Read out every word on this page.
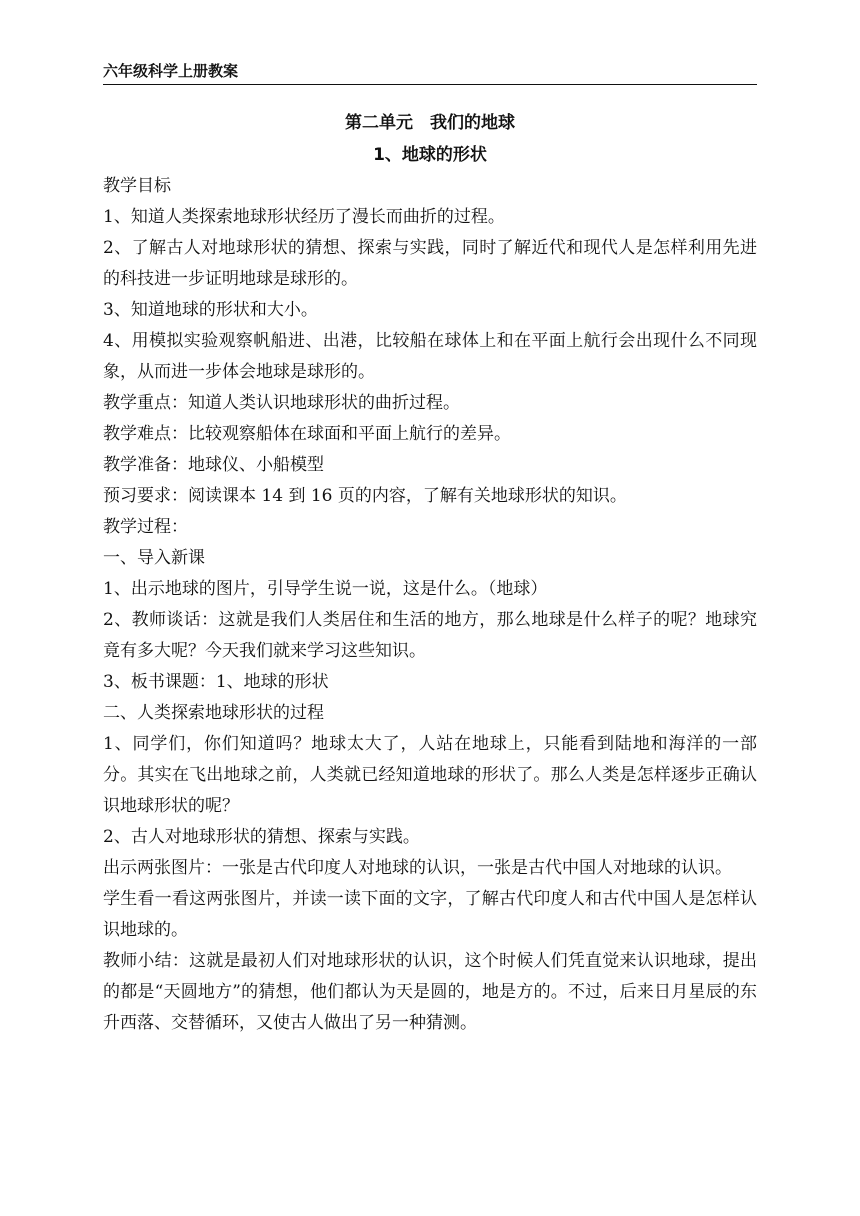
六年级科学上册教案
第二单元　我们的地球
1、地球的形状

教学目标

1、知道人类探索地球形状经历了漫长而曲折的过程。

2、了解古人对地球形状的猜想、探索与实践，同时了解近代和现代人是怎样利用先进的科技进一步证明地球是球形的。

3、知道地球的形状和大小。

4、用模拟实验观察帆船进、出港，比较船在球体上和在平面上航行会出现什么不同现象，从而进一步体会地球是球形的。

教学重点：知道人类认识地球形状的曲折过程。

教学难点：比较观察船体在球面和平面上航行的差异。

教学准备：地球仪、小船模型

预习要求：阅读课本 14 到 16 页的内容，了解有关地球形状的知识。

教学过程：

一、导入新课

1、出示地球的图片，引导学生说一说，这是什么。（地球）

2、教师谈话：这就是我们人类居住和生活的地方，那么地球是什么样子的呢？地球究竟有多大呢？今天我们就来学习这些知识。

3、板书课题：1、地球的形状

二、人类探索地球形状的过程

1、同学们，你们知道吗？地球太大了，人站在地球上，只能看到陆地和海洋的一部分。其实在飞出地球之前，人类就已经知道地球的形状了。那么人类是怎样逐步正确认识地球形状的呢？

2、古人对地球形状的猜想、探索与实践。

出示两张图片：一张是古代印度人对地球的认识，一张是古代中国人对地球的认识。

学生看一看这两张图片，并读一读下面的文字，了解古代印度人和古代中国人是怎样认识地球的。

教师小结：这就是最初人们对地球形状的认识，这个时候人们凭直觉来认识地球，提出的都是“天圆地方”的猜想，他们都认为天是圆的，地是方的。不过，后来日月星辰的东升西落、交替循环，又使古人做出了另一种猜测。
